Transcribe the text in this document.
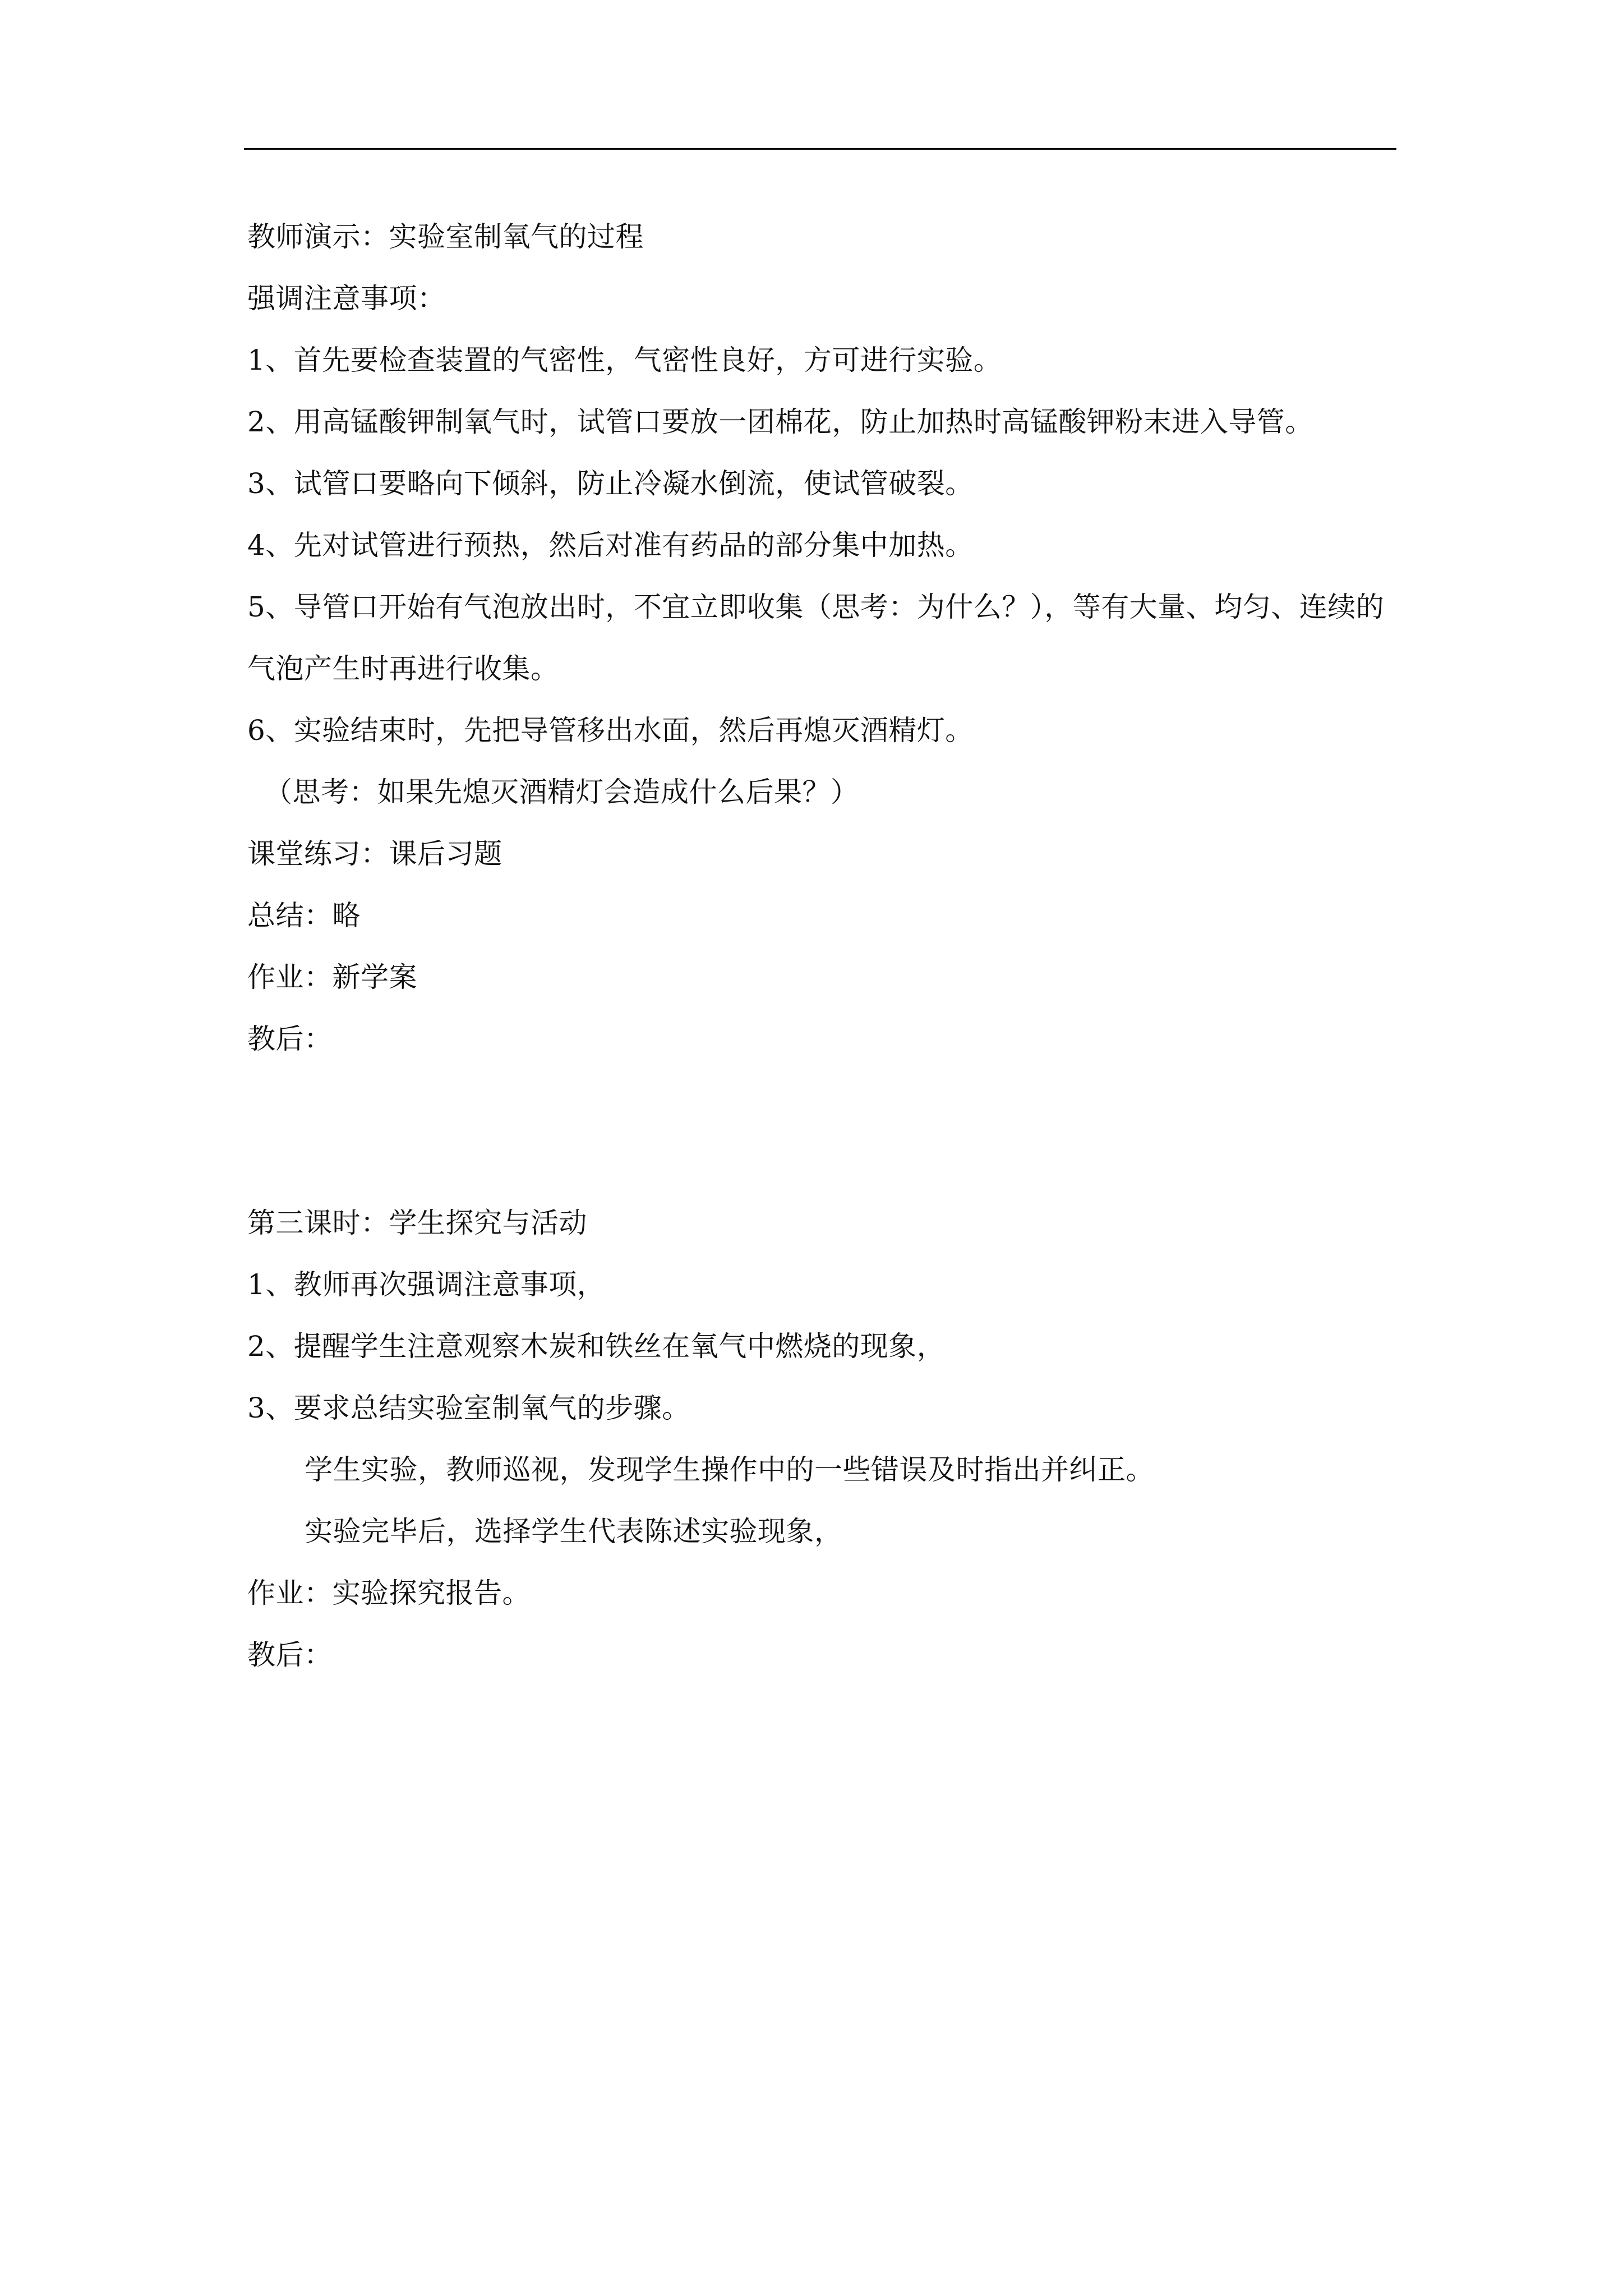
教师演示：实验室制氧气的过程
强调注意事项：
1、首先要检查装置的气密性，气密性良好，方可进行实验。
2、用高锰酸钾制氧气时，试管口要放一团棉花，防止加热时高锰酸钾粉末进入导管。
3、试管口要略向下倾斜，防止冷凝水倒流，使试管破裂。
4、先对试管进行预热，然后对准有药品的部分集中加热。
5、导管口开始有气泡放出时，不宜立即收集（思考：为什么？），等有大量、均匀、连续的
气泡产生时再进行收集。
6、实验结束时，先把导管移出水面，然后再熄灭酒精灯。
（思考：如果先熄灭酒精灯会造成什么后果？）
课堂练习：课后习题
总结：略
作业：新学案
教后：
第三课时：学生探究与活动
1、教师再次强调注意事项，
2、提醒学生注意观察木炭和铁丝在氧气中燃烧的现象，
3、要求总结实验室制氧气的步骤。
学生实验，教师巡视，发现学生操作中的一些错误及时指出并纠正。
实验完毕后，选择学生代表陈述实验现象，
作业：实验探究报告。
教后：
